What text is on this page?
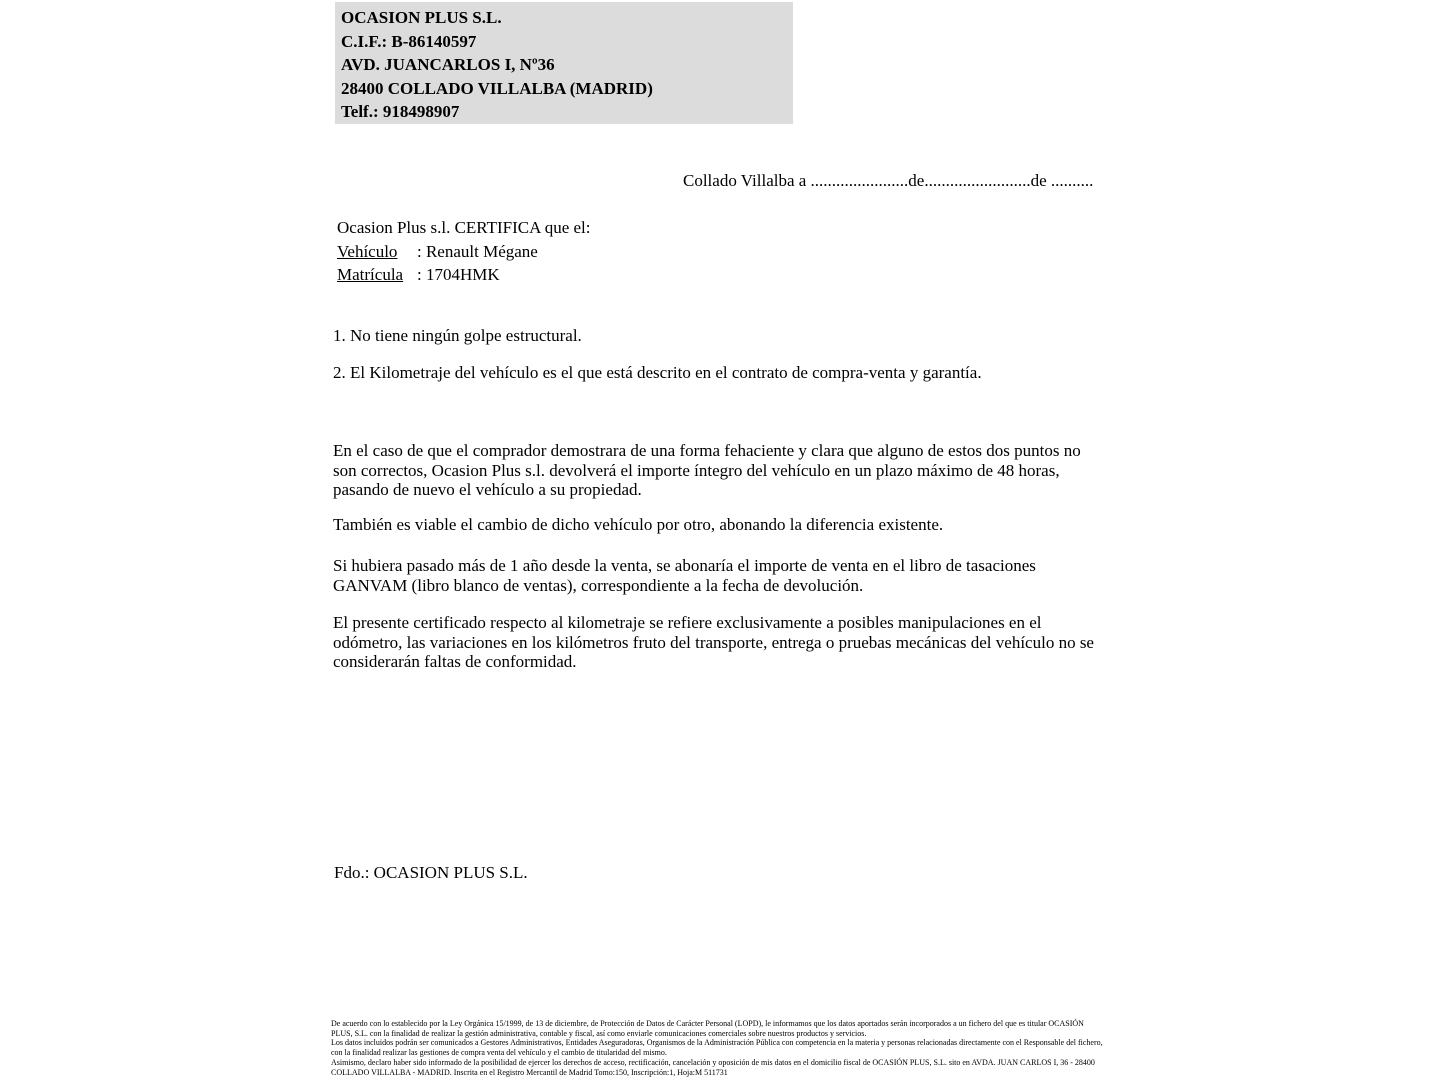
OCASION PLUS S.L.
C.I.F.: B-86140597
AVD. JUANCARLOS I, Nº36
28400 COLLADO VILLALBA (MADRID)
Telf.: 918498907
Collado Villalba a .......................de.........................de ..........
Ocasion Plus s.l. CERTIFICA que el:
Vehículo : Renault Mégane
Matrícula : 1704HMK
1. No tiene ningún golpe estructural.
2. El Kilometraje del vehículo es el que está descrito en el contrato de compra-venta y garantía.
En el caso de que el comprador demostrara de una forma fehaciente y clara que alguno de estos dos puntos no son correctos, Ocasion Plus s.l. devolverá el importe íntegro del vehículo en un plazo máximo de 48 horas, pasando de nuevo el vehículo a su propiedad.
También es viable el cambio de dicho vehículo por otro, abonando la diferencia existente.
Si hubiera pasado más de 1 año desde la venta, se abonaría el importe de venta en el libro de tasaciones GANVAM (libro blanco de ventas), correspondiente a la fecha de devolución.
El presente certificado respecto al kilometraje se refiere exclusivamente a posibles manipulaciones en el odómetro, las variaciones en los kilómetros fruto del transporte, entrega o pruebas mecánicas del vehículo no se considerarán faltas de conformidad.
Fdo.: OCASION PLUS S.L.

De acuerdo con lo establecido por la Ley Orgánica 15/1999, de 13 de diciembre, de Protección de Datos de Carácter Personal (LOPD), le informamos que los datos aportados serán incorporados a un fichero del que es titular OCASIÓN PLUS, S.L. con la finalidad de realizar la gestión administrativa, contable y fiscal, así como enviarle comunicaciones comerciales sobre nuestros productos y servicios.

Los datos incluidos podrán ser comunicados a Gestores Administrativos, Entidades Aseguradoras, Organismos de la Administración Pública con competencia en la materia y personas relacionadas directamente con el Responsable del fichero, con la finalidad realizar las gestiones de compra venta del vehículo y el cambio de titularidad del mismo.

Asimismo, declaro haber sido informado de la posibilidad de ejercer los derechos de acceso, rectificación, cancelación y oposición de mis datos en el domicilio fiscal de OCASIÓN PLUS, S.L. sito en AVDA. JUAN CARLOS I, 36 - 28400 COLLADO VILLALBA - MADRID. Inscrita en el Registro Mercantil de Madrid Tomo:150, Inscripción:1, Hoja:M 511731
